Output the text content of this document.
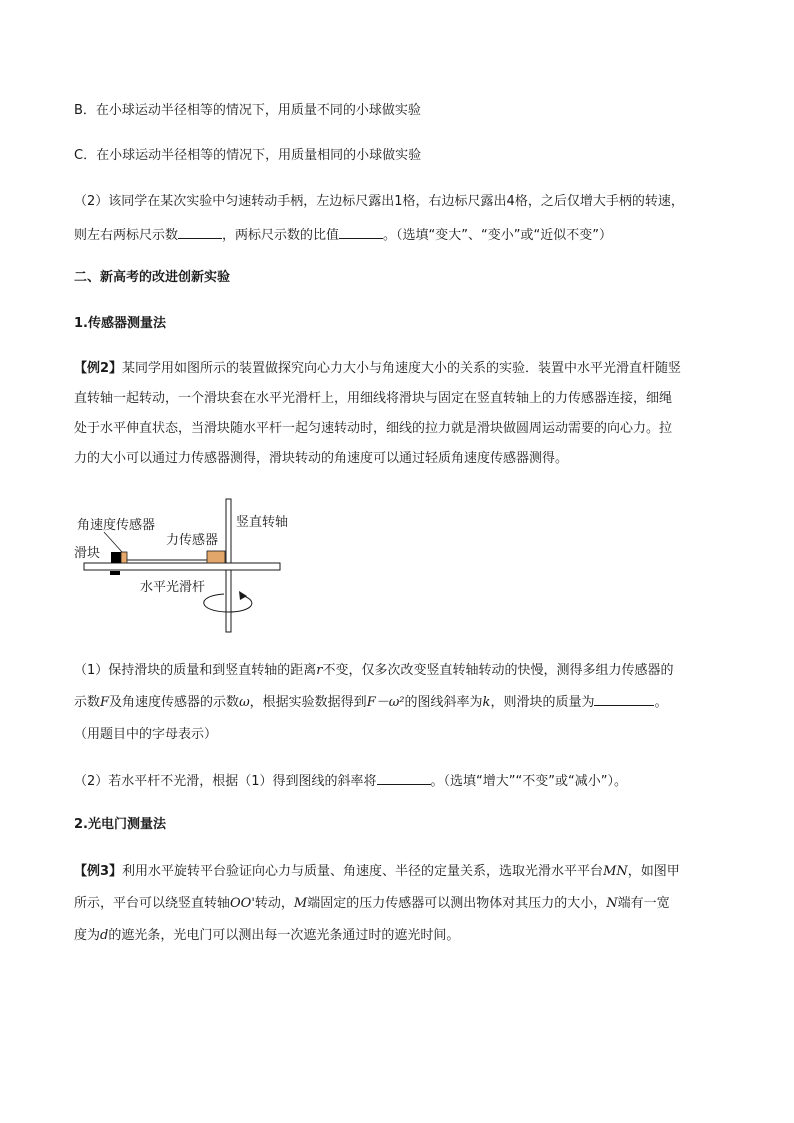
B．在小球运动半径相等的情况下，用质量不同的小球做实验
C．在小球运动半径相等的情况下，用质量相同的小球做实验
（2）该同学在某次实验中匀速转动手柄，左边标尺露出1格，右边标尺露出4格，之后仅增大手柄的转速，
则左右两标尺示数	，两标尺示数的比值	。（选填“变大”、“变小”或“近似不变”）
二、新高考的改进创新实验
1.传感器测量法
【例2】某同学用如图所示的装置做探究向心力大小与角速度大小的关系的实验．装置中水平光滑直杆随竖
直转轴一起转动，一个滑块套在水平光滑杆上，用细线将滑块与固定在竖直转轴上的力传感器连接，细绳
处于水平伸直状态，当滑块随水平杆一起匀速转动时，细线的拉力就是滑块做圆周运动需要的向心力。拉
力的大小可以通过力传感器测得，滑块转动的角速度可以通过轻质角速度传感器测得。
角速度传感器	竖直转轴
力传感器
滑块
水平光滑杆
（1）保持滑块的质量和到竖直转轴的距离r不变，仅多次改变竖直转轴转动的快慢，测得多组力传感器的
示数F及角速度传感器的示数ω，根据实验数据得到F－ω²的图线斜率为k，则滑块的质量为	。
（用题目中的字母表示）
（2）若水平杆不光滑，根据（1）得到图线的斜率将	。（选填“增大”“不变”或“减小”）。
2.光电门测量法
【例3】利用水平旋转平台验证向心力与质量、角速度、半径的定量关系，选取光滑水平平台MN，如图甲
所示，平台可以绕竖直转轴OO'转动，M端固定的压力传感器可以测出物体对其压力的大小，N端有一宽
度为d的遮光条，光电门可以测出每一次遮光条通过时的遮光时间。
